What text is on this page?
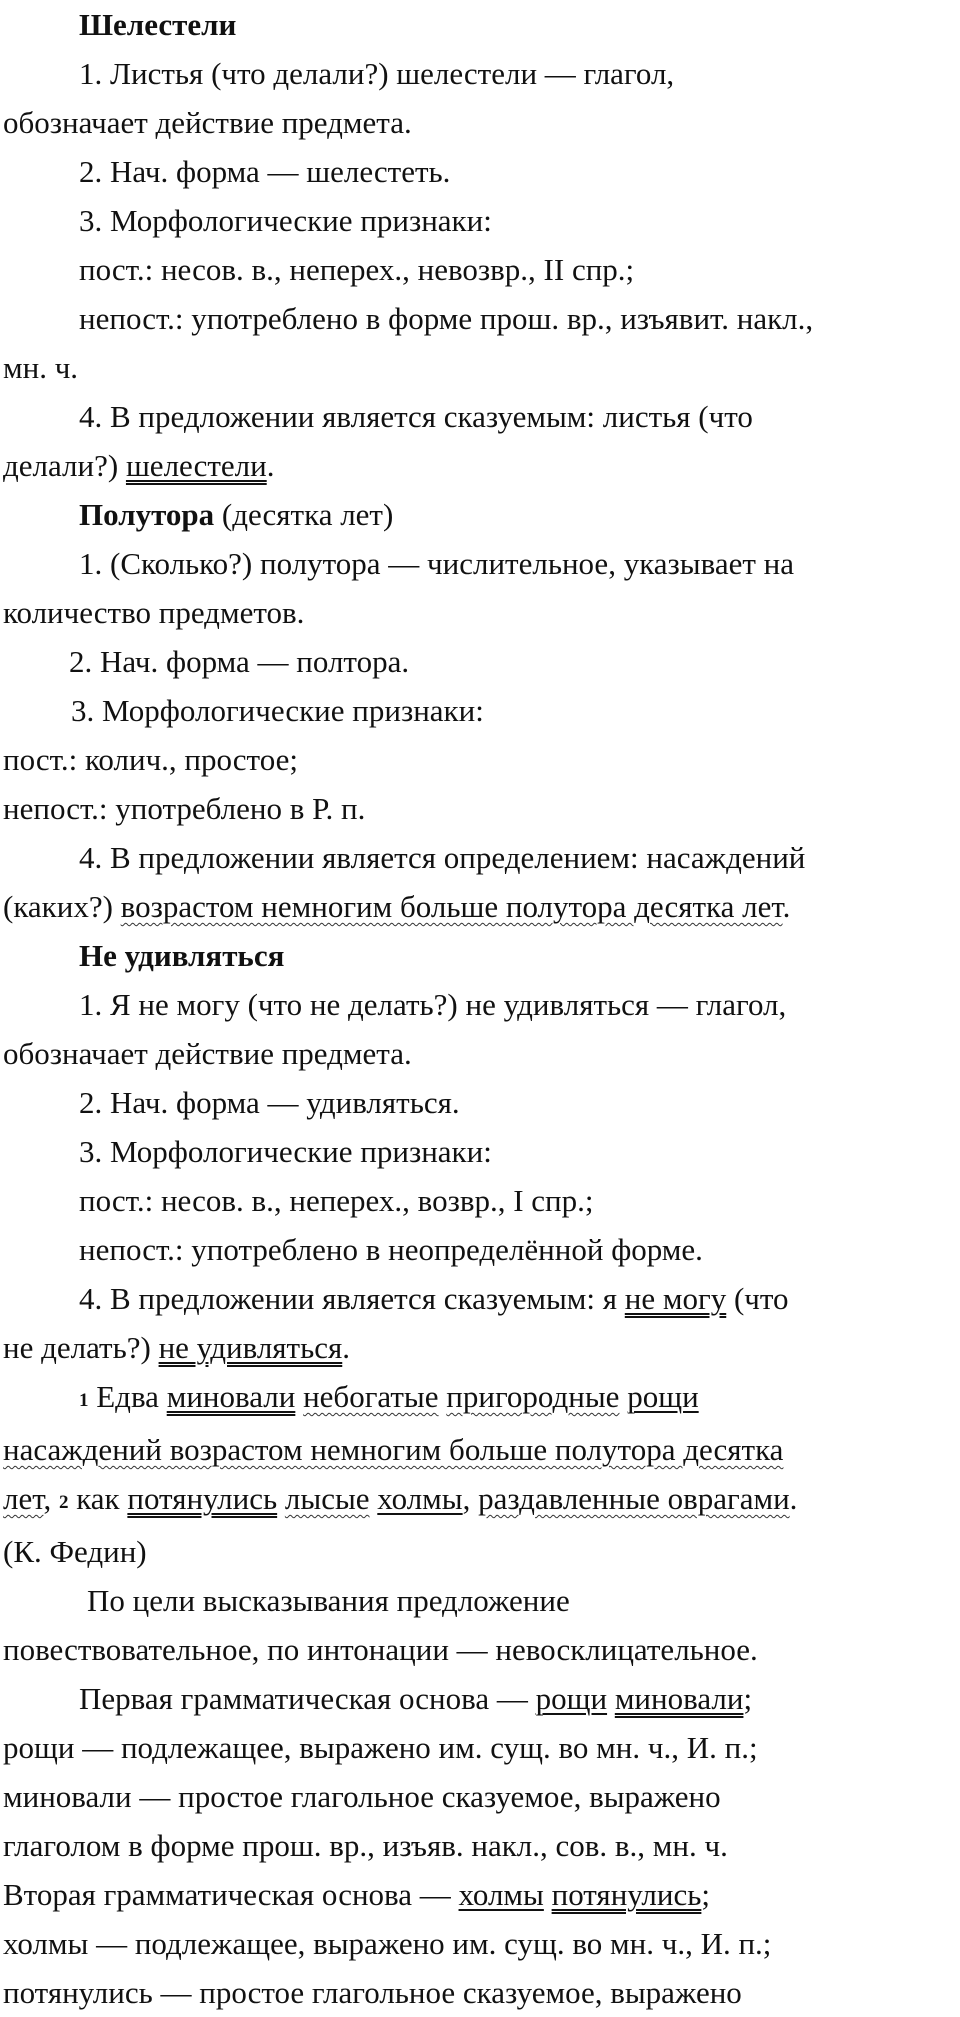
Шелестели
1. Листья (что делали?) шелестели — глагол,
обозначает действие предмета.
2. Нач. форма — шелестеть.
3. Морфологические признаки:
пост.: несов. в., неперех., невозвр., II спр.;
непост.: употреблено в форме прош. вр., изъявит. накл.,
мн. ч.
4. В предложении является сказуемым: листья (что
делали?) шелестели.
Полутора (десятка лет)
1. (Сколько?) полутора — числительное, указывает на
количество предметов.
2. Нач. форма — полтора.
3. Морфологические признаки:
пост.: колич., простое;
непост.: употреблено в Р. п.
4. В предложении является определением: насаждений
(каких?) возрастом немногим больше полутора десятка лет.
Не удивляться
1. Я не могу (что не делать?) не удивляться — глагол,
обозначает действие предмета.
2. Нач. форма — удивляться.
3. Морфологические признаки:
пост.: несов. в., неперех., возвр., I спр.;
непост.: употреблено в неопределённой форме.
4. В предложении является сказуемым: я не могу (что
не делать?) не удивляться.
1 Едва миновали небогатые пригородные рощи
насаждений возрастом немногим больше полутора десятка
лет, 2 как потянулись лысые холмы, раздавленные оврагами.
(К. Федин)
По цели высказывания предложение
повествовательное, по интонации — невосклицательное.
Первая грамматическая основа — рощи миновали;
рощи — подлежащее, выражено им. сущ. во мн. ч., И. п.;
миновали — простое глагольное сказуемое, выражено
глаголом в форме прош. вр., изъяв. накл., сов. в., мн. ч.
Вторая грамматическая основа — холмы потянулись;
холмы — подлежащее, выражено им. сущ. во мн. ч., И. п.;
потянулись — простое глагольное сказуемое, выражено
